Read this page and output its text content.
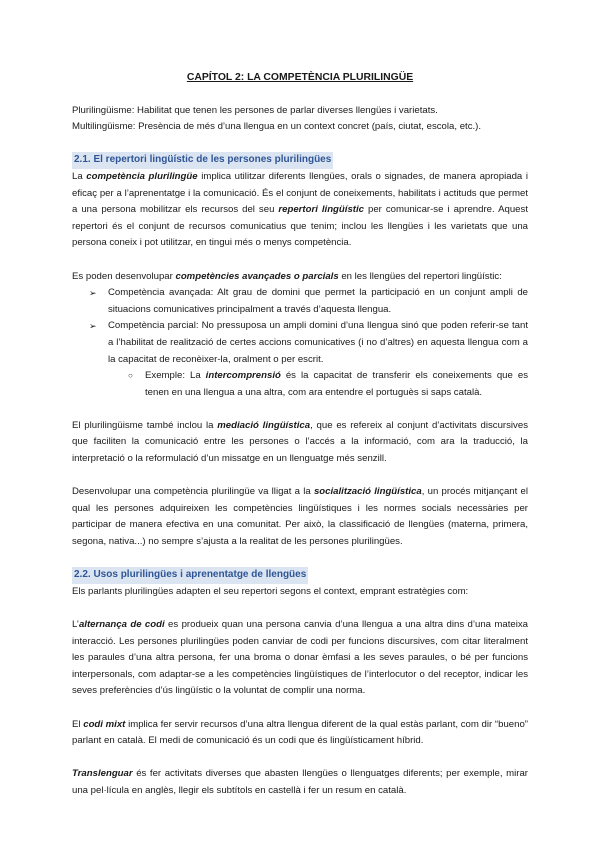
CAPÍTOL 2: LA COMPETÈNCIA PLURILINGÜE

Plurilingüisme: Habilitat que tenen les persones de parlar diverses llengües i varietats.

Multilingüisme: Presència de més d’una llengua en un context concret (país, ciutat, escola, etc.).

2.1. El repertori lingüístic de les persones plurilingües

La competència plurilingüe implica utilitzar diferents llengües, orals o signades, de manera apropiada i eficaç per a l’aprenentatge i la comunicació. És el conjunt de coneixements, habilitats i actituds que permet a una persona mobilitzar els recursos del seu repertori lingüístic per comunicar-se i aprendre. Aquest repertori és el conjunt de recursos comunicatius que tenim; inclou les llengües i les varietats que una persona coneix i pot utilitzar, en tingui més o menys competència.

Es poden desenvolupar competències avançades o parcials en les llengües del repertori lingüístic:

➢ Competència avançada: Alt grau de domini que permet la participació en un conjunt ampli de situacions comunicatives principalment a través d’aquesta llengua.
➢ Competència parcial: No pressuposa un ampli domini d’una llengua sinó que poden referir-se tant a l’habilitat de realització de certes accions comunicatives (i no d’altres) en aquesta llengua com a la capacitat de reconèixer-la, oralment o per escrit.
○ Exemple: La intercomprensió és la capacitat de transferir els coneixements que es tenen en una llengua a una altra, com ara entendre el portuguès si saps català.

El plurilingüisme també inclou la mediació lingüística, que es refereix al conjunt d’activitats discursives que faciliten la comunicació entre les persones o l’accés a la informació, com ara la traducció, la interpretació o la reformulació d’un missatge en un llenguatge més senzill.

Desenvolupar una competència plurilingüe va lligat a la socialització lingüística, un procés mitjançant el qual les persones adquireixen les competències lingüístiques i les normes socials necessàries per participar de manera efectiva en una comunitat. Per això, la classificació de llengües (materna, primera, segona, nativa...) no sempre s’ajusta a la realitat de les persones plurilingües.

2.2. Usos plurilingües i aprenentatge de llengües

Els parlants plurilingües adapten el seu repertori segons el context, emprant estratègies com:

L’alternança de codi es produeix quan una persona canvia d’una llengua a una altra dins d’una mateixa interacció. Les persones plurilingües poden canviar de codi per funcions discursives, com citar literalment les paraules d’una altra persona, fer una broma o donar èmfasi a les seves paraules, o bé per funcions interpersonals, com adaptar-se a les competències lingüístiques de l’interlocutor o del receptor, indicar les seves preferències d’ús lingüístic o la voluntat de complir una norma.

El codi mixt implica fer servir recursos d’una altra llengua diferent de la qual estàs parlant, com dir “bueno” parlant en català. El medi de comunicació és un codi que és lingüísticament híbrid.

Translenguar és fer activitats diverses que abasten llengües o llenguatges diferents; per exemple, mirar una pel·lícula en anglès, llegir els subtítols en castellà i fer un resum en català.
